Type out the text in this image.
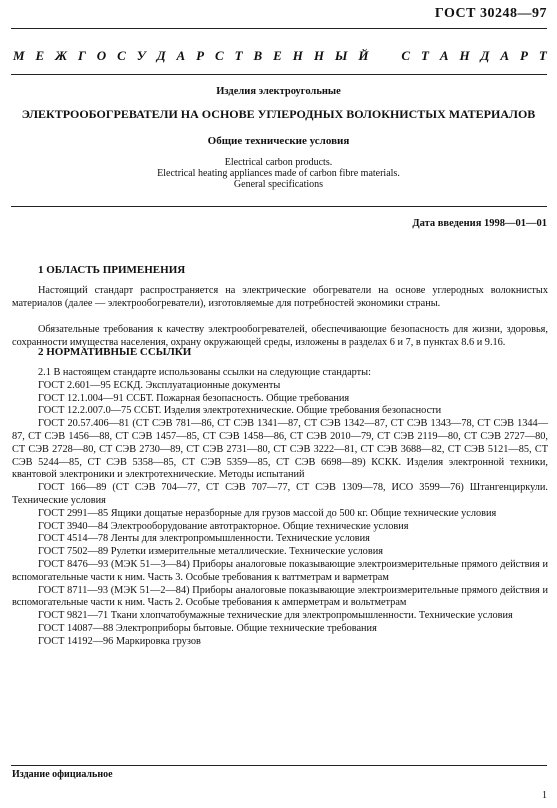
ГОСТ 30248—97
М Е Ж Г О С У Д А Р С Т В Е Н Н Ы Й	С Т А Н Д А Р Т
Изделия электроугольные
ЭЛЕКТРООБОГРЕВАТЕЛИ НА ОСНОВЕ УГЛЕРОДНЫХ ВОЛОКНИСТЫХ МАТЕРИАЛОВ
Общие технические условия
Electrical carbon products.
Electrical heating appliances made of carbon fibre materials.
General specifications
Дата введения 1998—01—01
1 ОБЛАСТЬ ПРИМЕНЕНИЯ

Настоящий стандарт распространяется на электрические обогреватели на основе углеродных волокнистых материалов (далее — электрообогреватели), изготовляемые для потребностей экономики страны.

Обязательные требования к качеству электрообогревателей, обеспечивающие безопасность для жизни, здоровья, сохранности имущества населения, охрану окружающей среды, изложены в разделах 6 и 7, в пунктах 8.6 и 9.16.

2 НОРМАТИВНЫЕ ССЫЛКИ

2.1 В настоящем стандарте использованы ссылки на следующие стандарты:

ГОСТ 2.601—95 ЕСКД. Эксплуатационные документы

ГОСТ 12.1.004—91 ССБТ. Пожарная безопасность. Общие требования

ГОСТ 12.2.007.0—75 ССБТ. Изделия электротехнические. Общие требования безопасности

ГОСТ 20.57.406—81 (СТ СЭВ 781—86, СТ СЭВ 1341—87, СТ СЭВ 1342—87, СТ СЭВ 1343—78, СТ СЭВ 1344—87, СТ СЭВ 1456—88, СТ СЭВ 1457—85, СТ СЭВ 1458—86, СТ СЭВ 2010—79, СТ СЭВ 2119—80, СТ СЭВ 2727—80, СТ СЭВ 2728—80, СТ СЭВ 2730—89, СТ СЭВ 2731—80, СТ СЭВ 3222—81, СТ СЭВ 3688—82, СТ СЭВ 5121—85, СТ СЭВ 5244—85, СТ СЭВ 5358—85, СТ СЭВ 5359—85, СТ СЭВ 6698—89) КСКК. Изделия электронной техники, квантовой электроники и электротехнические. Методы испытаний

ГОСТ 166—89 (СТ СЭВ 704—77, СТ СЭВ 707—77, СТ СЭВ 1309—78, ИСО 3599—76) Штангенциркули. Технические условия

ГОСТ 2991—85 Ящики дощатые неразборные для грузов массой до 500 кг. Общие технические условия

ГОСТ 3940—84 Электрооборудование автотракторное. Общие технические условия

ГОСТ 4514—78 Ленты для электропромышленности. Технические условия

ГОСТ 7502—89 Рулетки измерительные металлические. Технические условия

ГОСТ 8476—93 (МЭК 51—3—84) Приборы аналоговые показывающие электроизмерительные прямого действия и вспомогательные части к ним. Часть 3. Особые требования к ваттметрам и варметрам

ГОСТ 8711—93 (МЭК 51—2—84) Приборы аналоговые показывающие электроизмерительные прямого действия и вспомогательные части к ним. Часть 2. Особые требования к амперметрам и вольтметрам

ГОСТ 9821—71 Ткани хлопчатобумажные технические для электропромышленности. Технические условия

ГОСТ 14087—88 Электроприборы бытовые. Общие технические требования

ГОСТ 14192—96 Маркировка грузов

Издание официальное
1
